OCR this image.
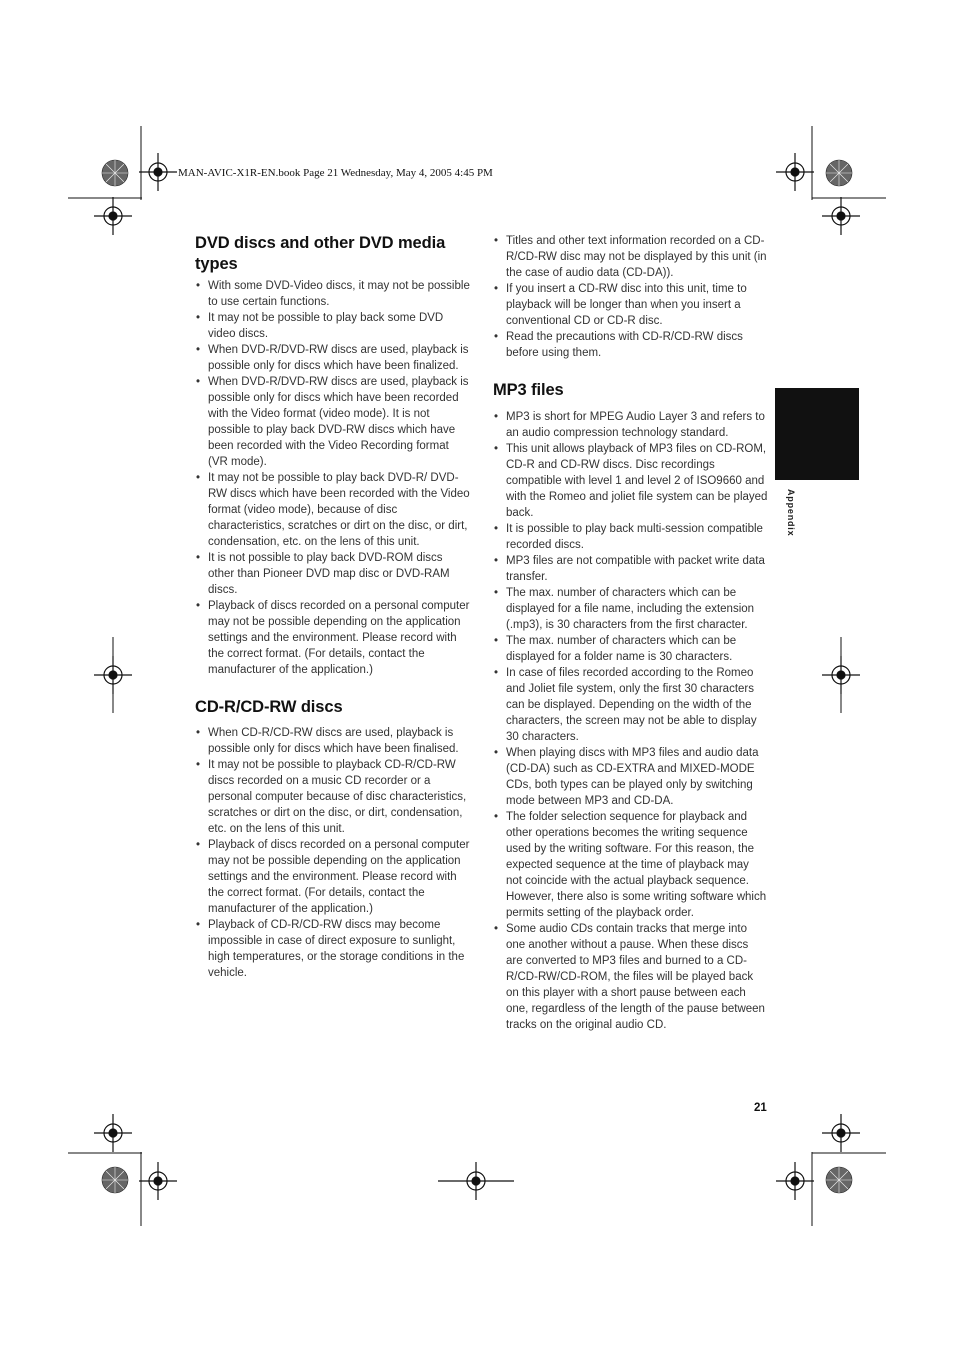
MAN-AVIC-X1R-EN.book Page 21 Wednesday, May 4, 2005 4:45 PM
DVD discs and other DVD media types
• With some DVD-Video discs, it may not be possible to use certain functions.
• It may not be possible to play back some DVD video discs.
• When DVD-R/DVD-RW discs are used, playback is possible only for discs which have been finalized.
• When DVD-R/DVD-RW discs are used, playback is possible only for discs which have been recorded with the Video format (video mode). It is not possible to play back DVD-RW discs which have been recorded with the Video Recording format (VR mode).
• It may not be possible to play back DVD-R/ DVD-RW discs which have been recorded with the Video format (video mode), because of disc characteristics, scratches or dirt on the disc, or dirt, condensation, etc. on the lens of this unit.
• It is not possible to play back DVD-ROM discs other than Pioneer DVD map disc or DVD-RAM discs.
• Playback of discs recorded on a personal computer may not be possible depending on the application settings and the environment. Please record with the correct format. (For details, contact the manufacturer of the application.)
CD-R/CD-RW discs
• When CD-R/CD-RW discs are used, playback is possible only for discs which have been finalised.
• It may not be possible to playback CD-R/CD-RW discs recorded on a music CD recorder or a personal computer because of disc characteristics, scratches or dirt on the disc, or dirt, condensation, etc. on the lens of this unit.
• Playback of discs recorded on a personal computer may not be possible depending on the application settings and the environment. Please record with the correct format. (For details, contact the manufacturer of the application.)
• Playback of CD-R/CD-RW discs may become impossible in case of direct exposure to sunlight, high temperatures, or the storage conditions in the vehicle.
• Titles and other text information recorded on a CD-R/CD-RW disc may not be displayed by this unit (in the case of audio data (CD-DA)).
• If you insert a CD-RW disc into this unit, time to playback will be longer than when you insert a conventional CD or CD-R disc.
• Read the precautions with CD-R/CD-RW discs before using them.
MP3 files
• MP3 is short for MPEG Audio Layer 3 and refers to an audio compression technology standard.
• This unit allows playback of MP3 files on CD-ROM, CD-R and CD-RW discs. Disc recordings compatible with level 1 and level 2 of ISO9660 and with the Romeo and joliet file system can be played back.
• It is possible to play back multi-session compatible recorded discs.
• MP3 files are not compatible with packet write data transfer.
• The max. number of characters which can be displayed for a file name, including the extension (.mp3), is 30 characters from the first character.
• The max. number of characters which can be displayed for a folder name is 30 characters.
• In case of files recorded according to the Romeo and Joliet file system, only the first 30 characters can be displayed. Depending on the width of the characters, the screen may not be able to display 30 characters.
• When playing discs with MP3 files and audio data (CD-DA) such as CD-EXTRA and MIXED-MODE CDs, both types can be played only by switching mode between MP3 and CD-DA.
• The folder selection sequence for playback and other operations becomes the writing sequence used by the writing software. For this reason, the expected sequence at the time of playback may not coincide with the actual playback sequence. However, there also is some writing software which permits setting of the playback order.
• Some audio CDs contain tracks that merge into one another without a pause. When these discs are converted to MP3 files and burned to a CD-R/CD-RW/CD-ROM, the files will be played back on this player with a short pause between each one, regardless of the length of the pause between tracks on the original audio CD.
Appendix
21
